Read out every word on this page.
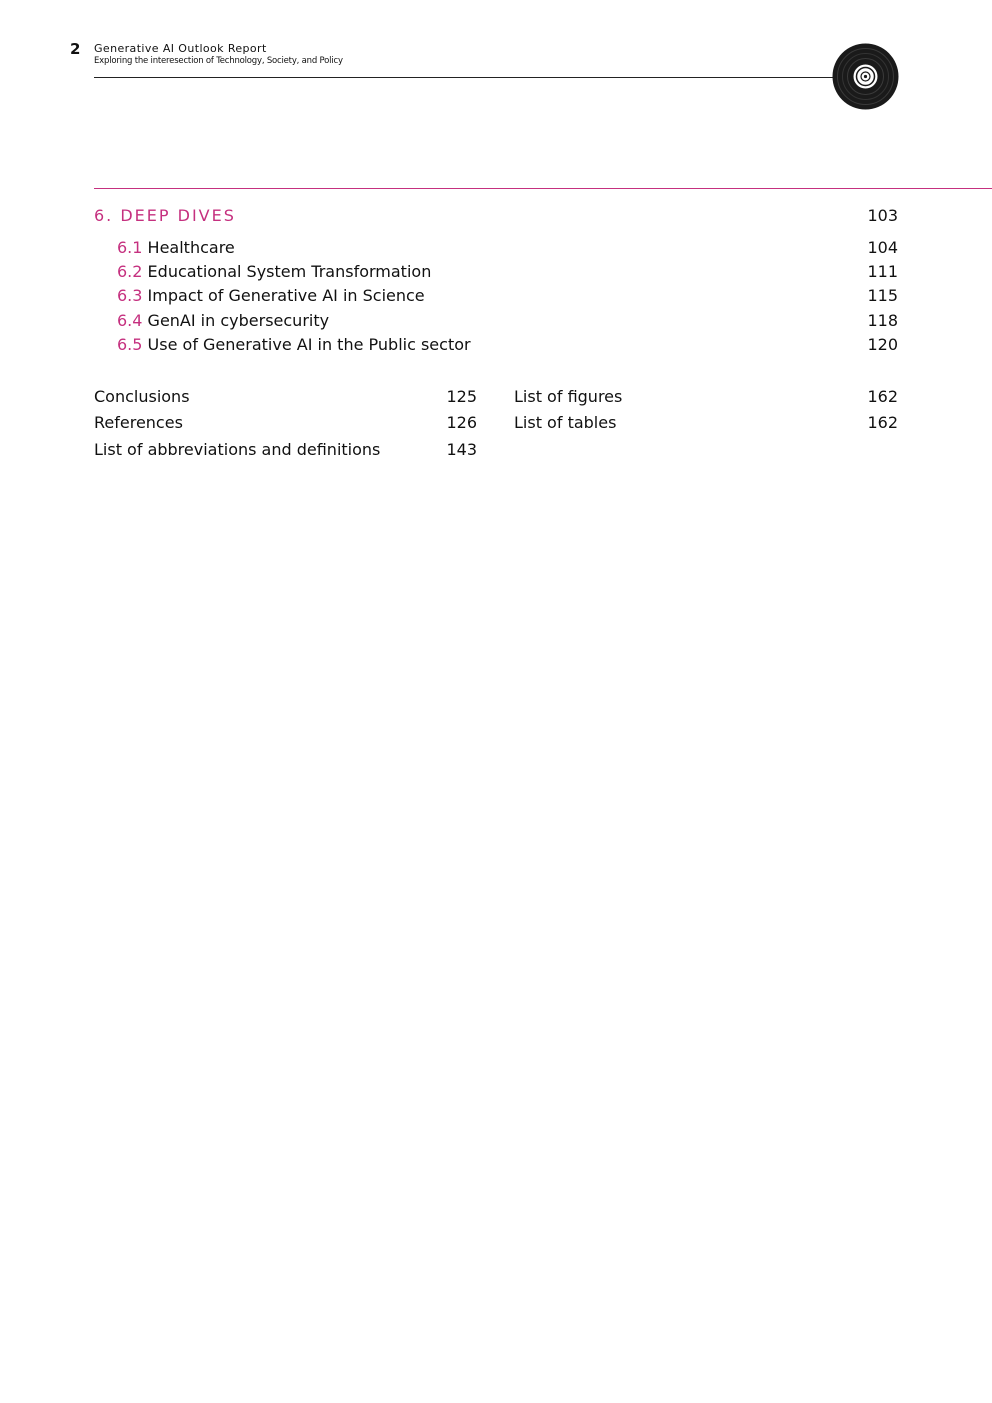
2 Generative AI Outlook Report
Exploring the interesection of Technology, Society, and Policy
6. DEEP DIVES	103
6.1 Healthcare	104
6.2 Educational System Transformation	111
6.3 Impact of Generative AI in Science	115
6.4 GenAI in cybersecurity	118
6.5 Use of Generative AI in the Public sector	120
Conclusions	125
References	126
List of abbreviations and definitions	143
List of figures	162
List of tables	162
